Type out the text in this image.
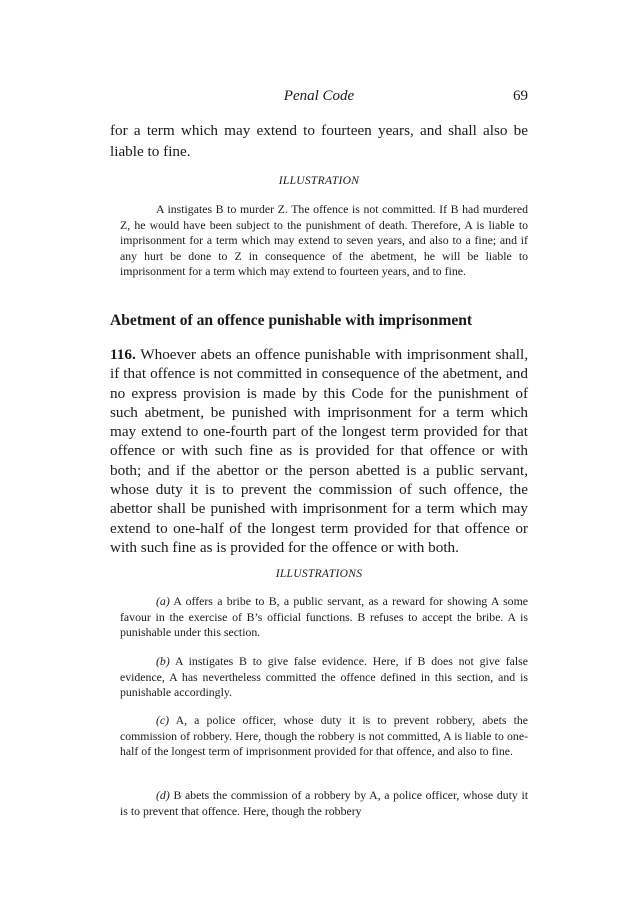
Penal Code	69

for a term which may extend to fourteen years, and shall also be liable to fine.

ILLUSTRATION

A instigates B to murder Z. The offence is not committed. If B had murdered Z, he would have been subject to the punishment of death. Therefore, A is liable to imprisonment for a term which may extend to seven years, and also to a fine; and if any hurt be done to Z in consequence of the abetment, he will be liable to imprisonment for a term which may extend to fourteen years, and to fine.

Abetment of an offence punishable with imprisonment

116. Whoever abets an offence punishable with imprisonment shall, if that offence is not committed in consequence of the abetment, and no express provision is made by this Code for the punishment of such abetment, be punished with imprisonment for a term which may extend to one-fourth part of the longest term provided for that offence or with such fine as is provided for that offence or with both; and if the abettor or the person abetted is a public servant, whose duty it is to prevent the commission of such offence, the abettor shall be punished with imprisonment for a term which may extend to one-half of the longest term provided for that offence or with such fine as is provided for the offence or with both.

ILLUSTRATIONS

(a) A offers a bribe to B, a public servant, as a reward for showing A some favour in the exercise of B’s official functions. B refuses to accept the bribe. A is punishable under this section.

(b) A instigates B to give false evidence. Here, if B does not give false evidence, A has nevertheless committed the offence defined in this section, and is punishable accordingly.

(c) A, a police officer, whose duty it is to prevent robbery, abets the commission of robbery. Here, though the robbery is not committed, A is liable to one-half of the longest term of imprisonment provided for that offence, and also to fine.

(d) B abets the commission of a robbery by A, a police officer, whose duty it is to prevent that offence. Here, though the robbery
